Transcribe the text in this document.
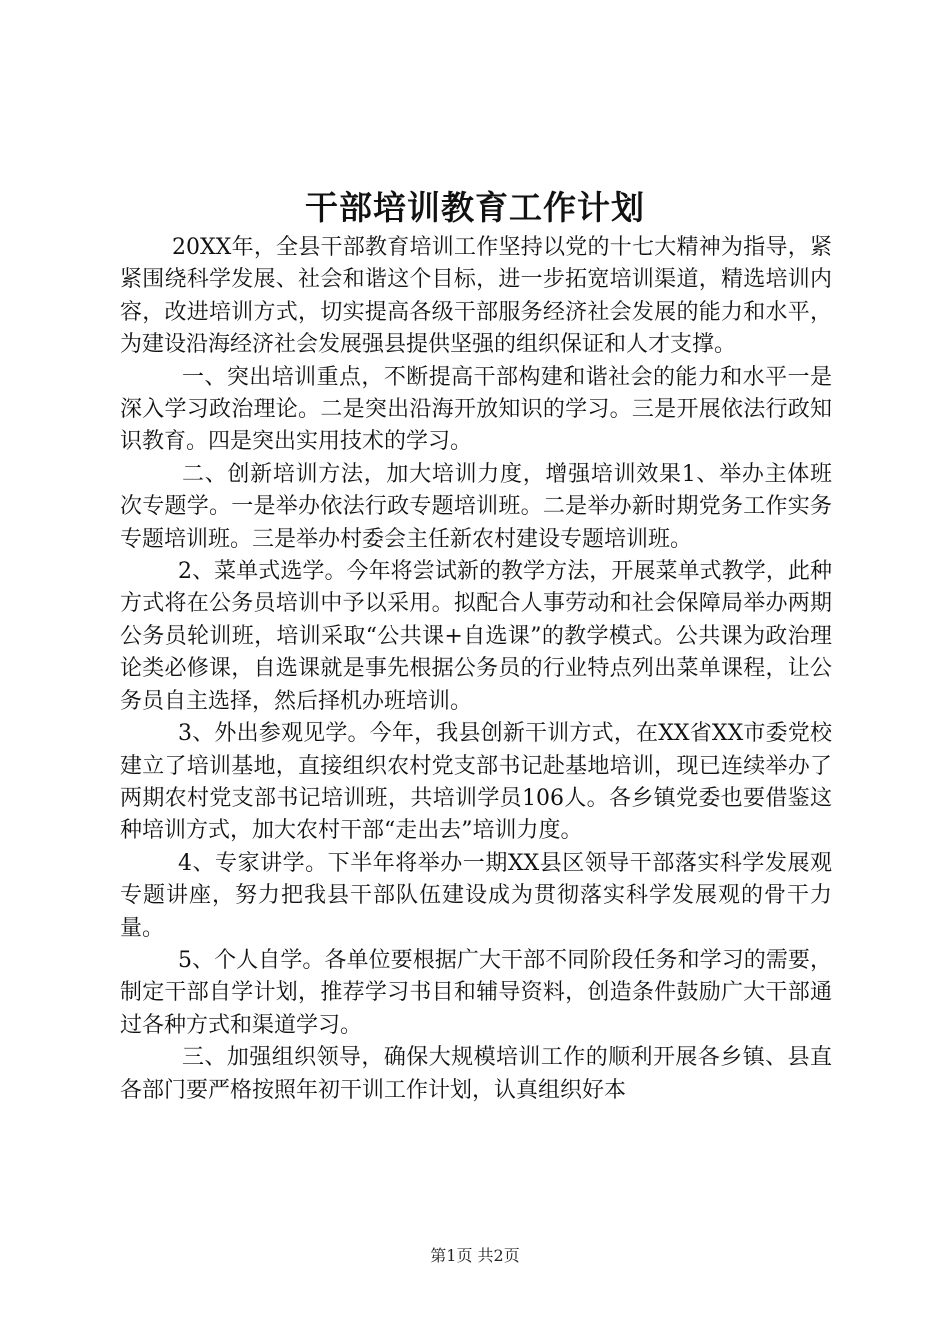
干部培训教育工作计划

20XX年，全县干部教育培训工作坚持以党的十七大精神为指导，紧紧围绕科学发展、社会和谐这个目标，进一步拓宽培训渠道，精选培训内容，改进培训方式，切实提高各级干部服务经济社会发展的能力和水平，为建设沿海经济社会发展强县提供坚强的组织保证和人才支撑。

一、突出培训重点，不断提高干部构建和谐社会的能力和水平一是深入学习政治理论。二是突出沿海开放知识的学习。三是开展依法行政知识教育。四是突出实用技术的学习。

二、创新培训方法，加大培训力度，增强培训效果1、举办主体班次专题学。一是举办依法行政专题培训班。二是举办新时期党务工作实务专题培训班。三是举办村委会主任新农村建设专题培训班。

2、菜单式选学。今年将尝试新的教学方法，开展菜单式教学，此种方式将在公务员培训中予以采用。拟配合人事劳动和社会保障局举办两期公务员轮训班，培训采取“公共课+自选课”的教学模式。公共课为政治理论类必修课，自选课就是事先根据公务员的行业特点列出菜单课程，让公务员自主选择，然后择机办班培训。

3、外出参观见学。今年，我县创新干训方式，在XX省XX市委党校建立了培训基地，直接组织农村党支部书记赴基地培训，现已连续举办了两期农村党支部书记培训班，共培训学员106人。各乡镇党委也要借鉴这种培训方式，加大农村干部“走出去”培训力度。

4、专家讲学。下半年将举办一期XX县区领导干部落实科学发展观专题讲座，努力把我县干部队伍建设成为贯彻落实科学发展观的骨干力量。

5、个人自学。各单位要根据广大干部不同阶段任务和学习的需要，制定干部自学计划，推荐学习书目和辅导资料，创造条件鼓励广大干部通过各种方式和渠道学习。

三、加强组织领导，确保大规模培训工作的顺利开展各乡镇、县直各部门要严格按照年初干训工作计划，认真组织好本

第1页 共2页
